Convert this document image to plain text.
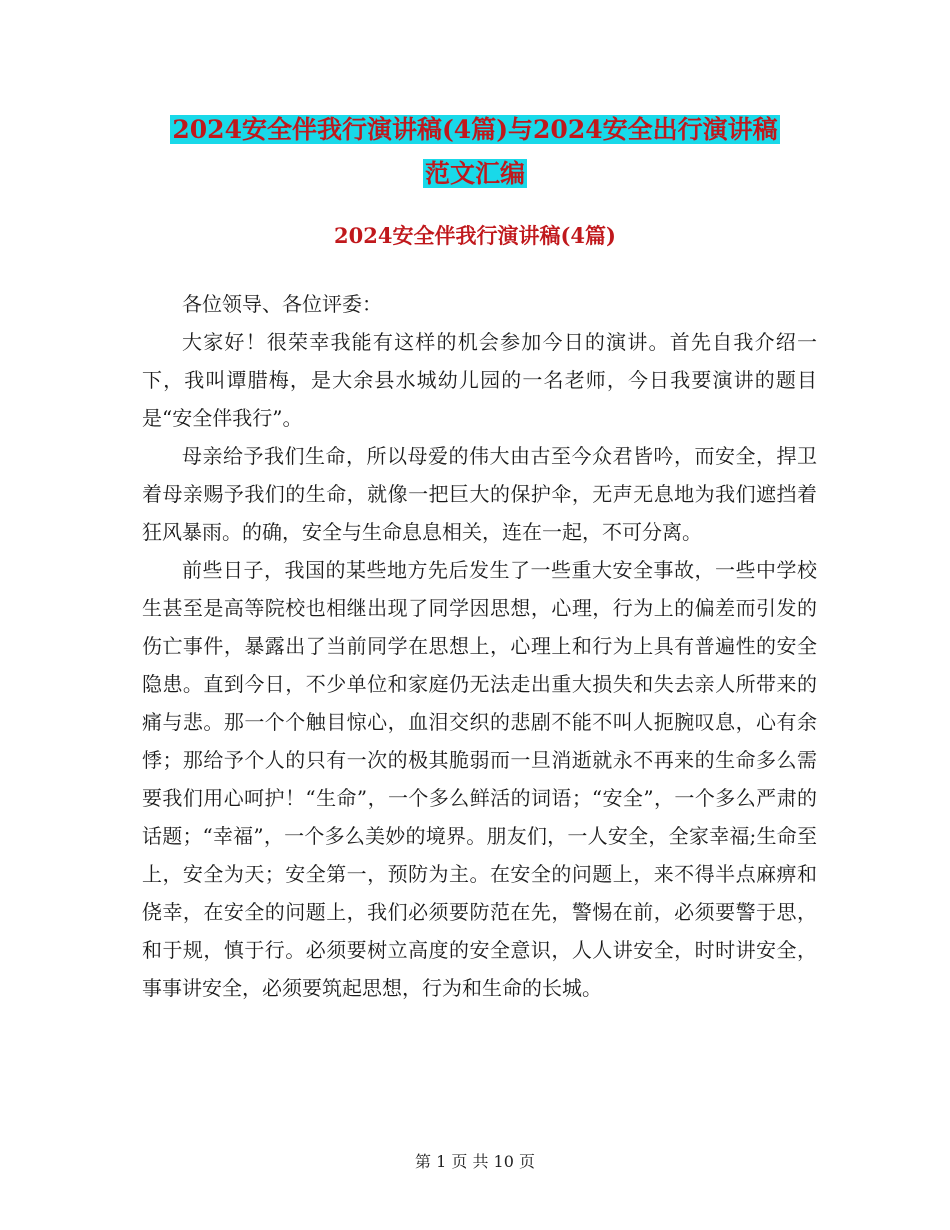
2024安全伴我行演讲稿(4篇)与2024安全出行演讲稿
范文汇编
2024安全伴我行演讲稿(4篇)

各位领导、各位评委：

大家好！很荣幸我能有这样的机会参加今日的演讲。首先自我介绍一下，我叫谭腊梅，是大余县水城幼儿园的一名老师，今日我要演讲的题目是“安全伴我行”。

母亲给予我们生命，所以母爱的伟大由古至今众君皆吟，而安全，捍卫着母亲赐予我们的生命，就像一把巨大的保护伞，无声无息地为我们遮挡着狂风暴雨。的确，安全与生命息息相关，连在一起，不可分离。

前些日子，我国的某些地方先后发生了一些重大安全事故，一些中学校生甚至是高等院校也相继出现了同学因思想，心理，行为上的偏差而引发的伤亡事件，暴露出了当前同学在思想上，心理上和行为上具有普遍性的安全隐患。直到今日，不少单位和家庭仍无法走出重大损失和失去亲人所带来的痛与悲。那一个个触目惊心，血泪交织的悲剧不能不叫人扼腕叹息，心有余悸；那给予个人的只有一次的极其脆弱而一旦消逝就永不再来的生命多么需要我们用心呵护！“生命”，一个多么鲜活的词语；“安全”，一个多么严肃的话题；“幸福”，一个多么美妙的境界。朋友们，一人安全，全家幸福;生命至上，安全为天；安全第一，预防为主。在安全的问题上，来不得半点麻痹和侥幸，在安全的问题上，我们必须要防范在先，警惕在前，必须要警于思，和于规，慎于行。必须要树立高度的安全意识，人人讲安全，时时讲安全，事事讲安全，必须要筑起思想，行为和生命的长城。

第 1 页 共 10 页
